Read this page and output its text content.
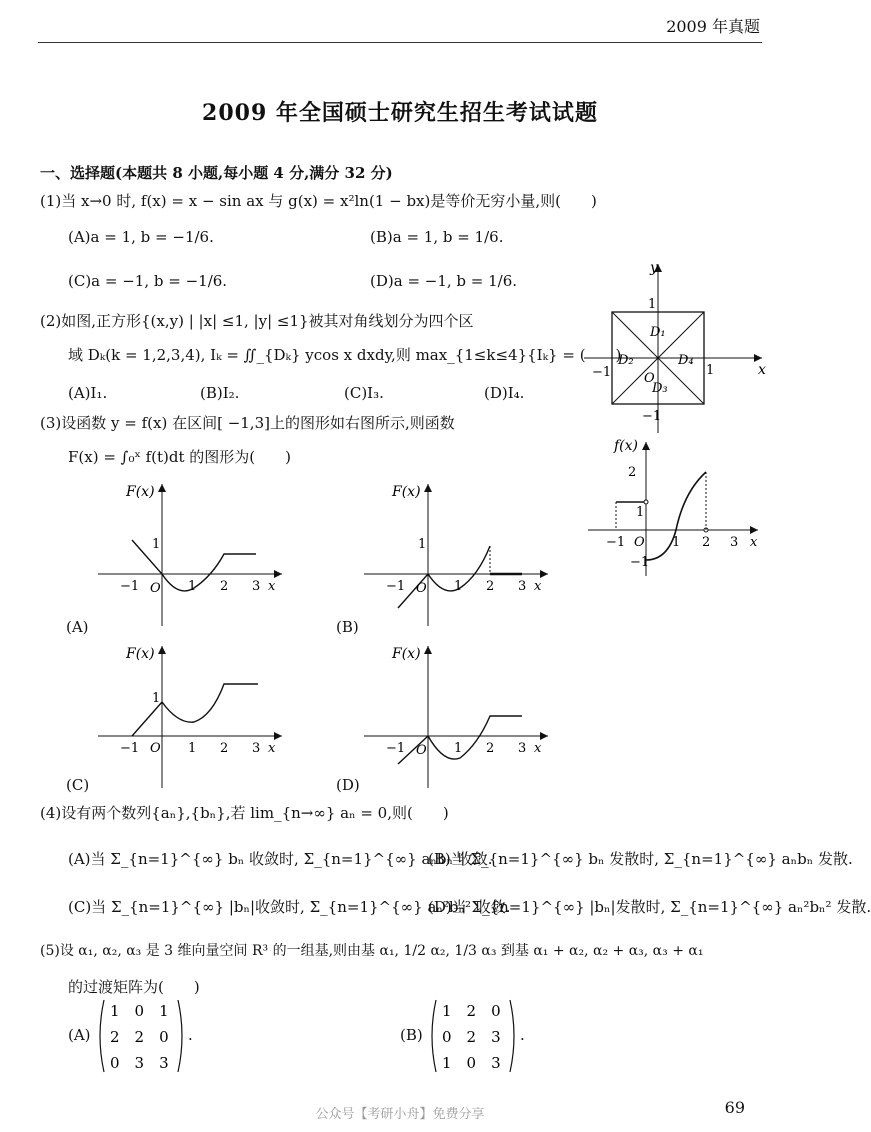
2009 年真题
2009 年全国硕士研究生招生考试试题
一、选择题(本题共 8 小题,每小题 4 分,满分 32 分)
(1)当 x→0 时, f(x) = x − sin ax 与 g(x) = x²ln(1 − bx)是等价无穷小量,则(　　)
(A)a = 1, b = −1/6.	(B)a = 1, b = 1/6.
(C)a = −1, b = −1/6.	(D)a = −1, b = 1/6.
(2)如图,正方形{(x,y) | |x| ≤1, |y| ≤1}被其对角线划分为四个区
域 Dₖ(k = 1,2,3,4), Iₖ = ∬_{Dₖ} ycos x dxdy,则 max_{1≤k≤4}{Iₖ} = (　　)
(A)I₁.	(B)I₂.	(C)I₃.	(D)I₄.
y
x
1
1
−1
−1
D₁
D₂
D₃
D₄
O
(3)设函数 y = f(x) 在区间[ −1,3]上的图形如右图所示,则函数
F(x) = ∫₀ˣ f(t)dt 的图形为(　　)
f(x)
2
1
−1
−1 O 1 2 3 x
F(x)
1
−1 O 1 2 3 x
(A)
F(x)
1
−1 O 1 2 3 x
(B)
F(x)
1
−1 O 1 2 3 x
(C)
F(x)
−1 O 1 2 3 x
(D)
(4)设有两个数列{aₙ},{bₙ},若 lim_{n→∞} aₙ = 0,则(　　)
(A)当 Σ_{n=1}^{∞} bₙ 收敛时, Σ_{n=1}^{∞} aₙbₙ 收敛.
(B)当 Σ_{n=1}^{∞} bₙ 发散时, Σ_{n=1}^{∞} aₙbₙ 发散.
(C)当 Σ_{n=1}^{∞} |bₙ|收敛时, Σ_{n=1}^{∞} aₙ²bₙ² 收敛.
(D)当 Σ_{n=1}^{∞} |bₙ|发散时, Σ_{n=1}^{∞} aₙ²bₙ² 发散.
(5)设 α₁, α₂, α₃ 是 3 维向量空间 R³ 的一组基,则由基 α₁, 1/2 α₂, 1/3 α₃ 到基 α₁ + α₂, α₂ + α₃, α₃ + α₁
的过渡矩阵为(　　)
(A)
1　0　1
2　2　0
0　3　3
.	(B)
1　2　0
0　2　3
1　0　3
.
公众号【考研小舟】免费分享	69
